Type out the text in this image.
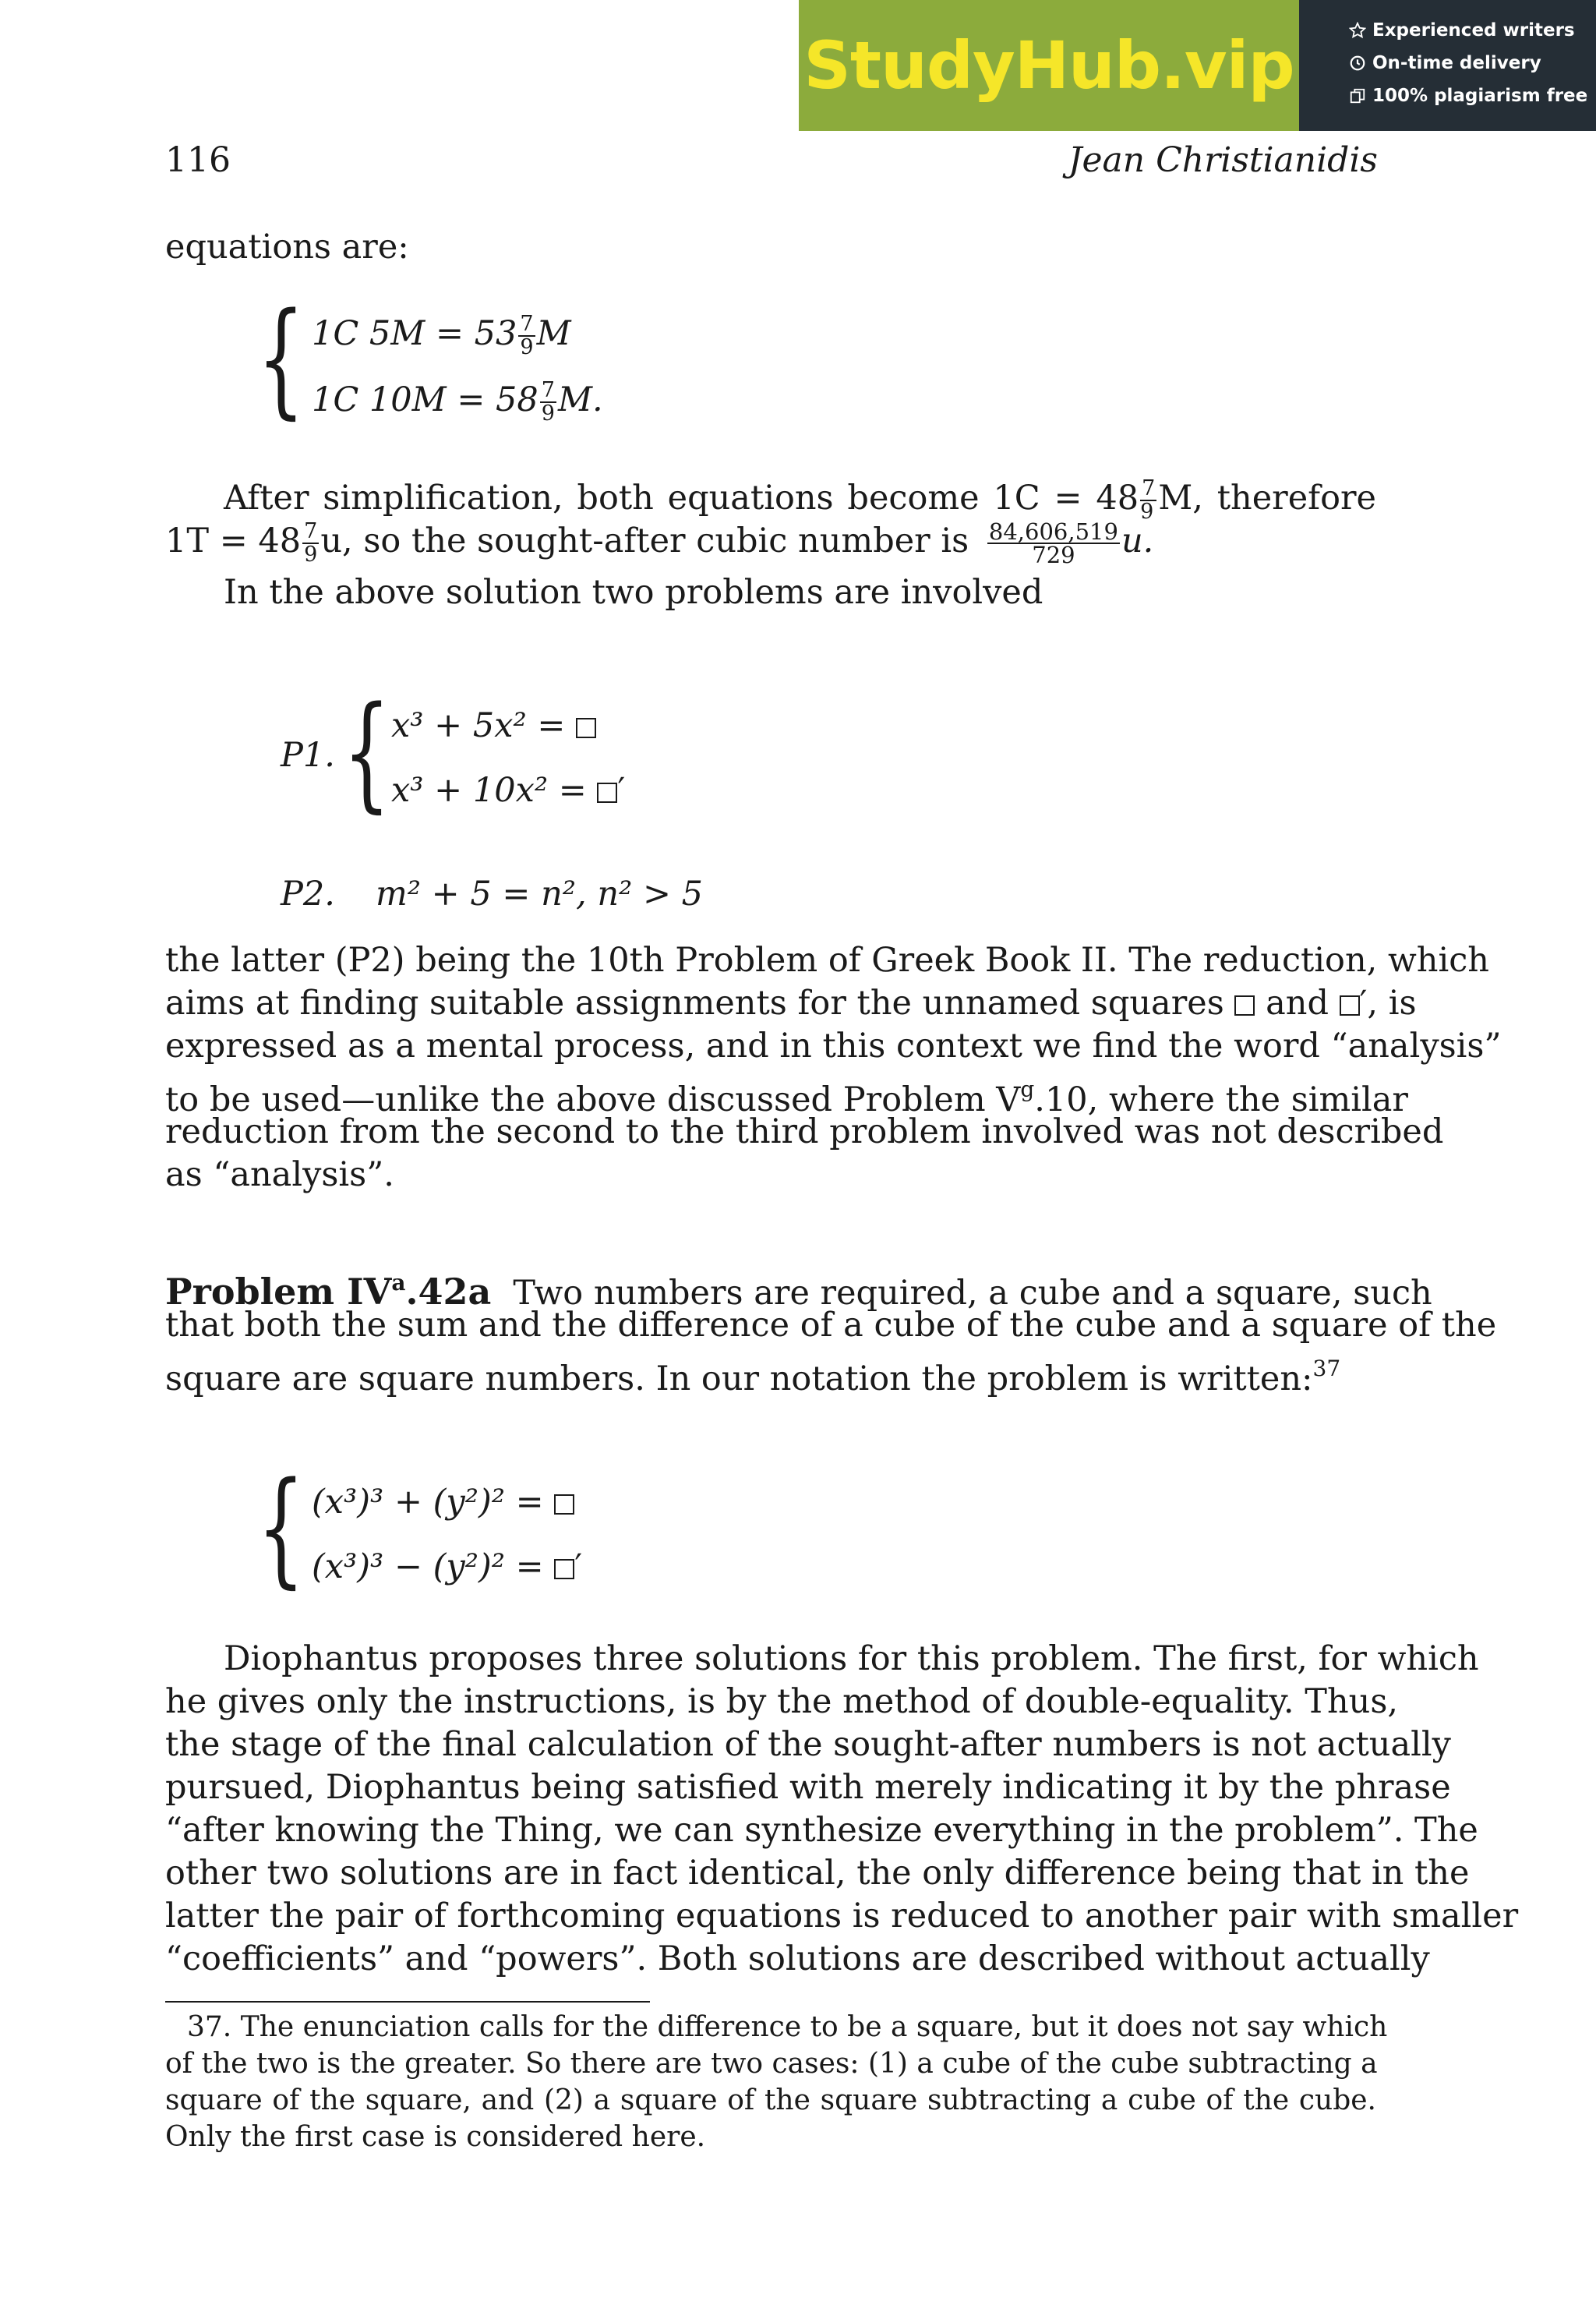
StudyHub.vip	Experienced writers
On-time delivery
100% plagiarism free
116	Jean Christianidis
equations are:
{ 1C $5M = 53 \frac{7}{9}$ M
1C $10M = 58 \frac{7}{9} M$.
After simplification, both equations become $1C = 48 \frac{7}{9} M$, therefore
$1T = 48 \frac{7}{9} u$, so the sought-after cubic number is $\frac{84,606,519}{729} u$.
In the above solution two problems are involved
P1. { x³ + 5x² =
x³ + 10x² = ′
P2. m² + 5 = n², n² > 5
the latter (P2) being the 10th Problem of Greek Book II. The reduction, which
aims at finding suitable assignments for the unnamed squares and ′, is
expressed as a mental process, and in this context we find the word “analysis”
to be used—unlike the above discussed Problem $V^g.10$, where the similar
reduction from the second to the third problem involved was not described
as “analysis”.
Problem $IV^a.42a$ Two numbers are required, a cube and a square, such
that both the sum and the difference of a cube of the cube and a square of the
square are square numbers. In our notation the problem is written:$^{37}$
{ (x³)³ + (y²)² =
(x³)³ − (y²)² = ′
Diophantus proposes three solutions for this problem. The first, for which
he gives only the instructions, is by the method of double-equality. Thus,
the stage of the final calculation of the sought-after numbers is not actually
pursued, Diophantus being satisfied with merely indicating it by the phrase
“after knowing the Thing, we can synthesize everything in the problem”. The
other two solutions are in fact identical, the only difference being that in the
latter the pair of forthcoming equations is reduced to another pair with smaller
“coefficients” and “powers”. Both solutions are described without actually
37. The enunciation calls for the difference to be a square, but it does not say which
of the two is the greater. So there are two cases: (1) a cube of the cube subtracting a
square of the square, and (2) a square of the square subtracting a cube of the cube.
Only the first case is considered here.
